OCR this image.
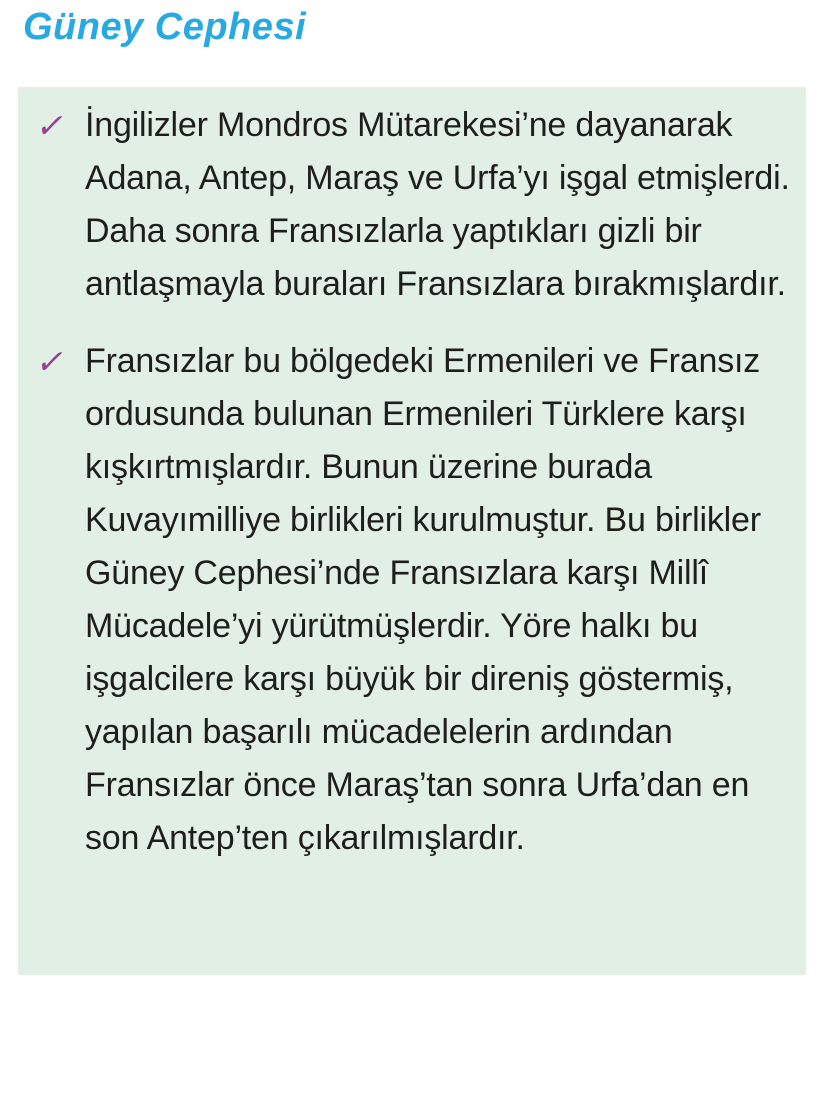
Güney Cephesi
✓ İngilizler Mondros Mütarekesi’ne dayanarak Adana, Antep, Maraş ve Urfa’yı işgal etmişlerdi. Daha sonra Fransızlarla yaptıkları gizli bir antlaşmayla buraları Fransızlara bırakmışlardır.

✓ Fransızlar bu bölgedeki Ermenileri ve Fransız ordusunda bulunan Ermenileri Türklere karşı kışkırtmışlardır. Bunun üzerine burada Kuvayımilliye birlikleri kurulmuştur. Bu birlikler Güney Cephesi’nde Fransızlara karşı Millî Mücadele’yi yürütmüşlerdir. Yöre halkı bu işgalcilere karşı büyük bir direniş göstermiş, yapılan başarılı mücadelelerin ardından Fransızlar önce Maraş’tan sonra Urfa’dan en son Antep’ten çıkarılmışlardır.
